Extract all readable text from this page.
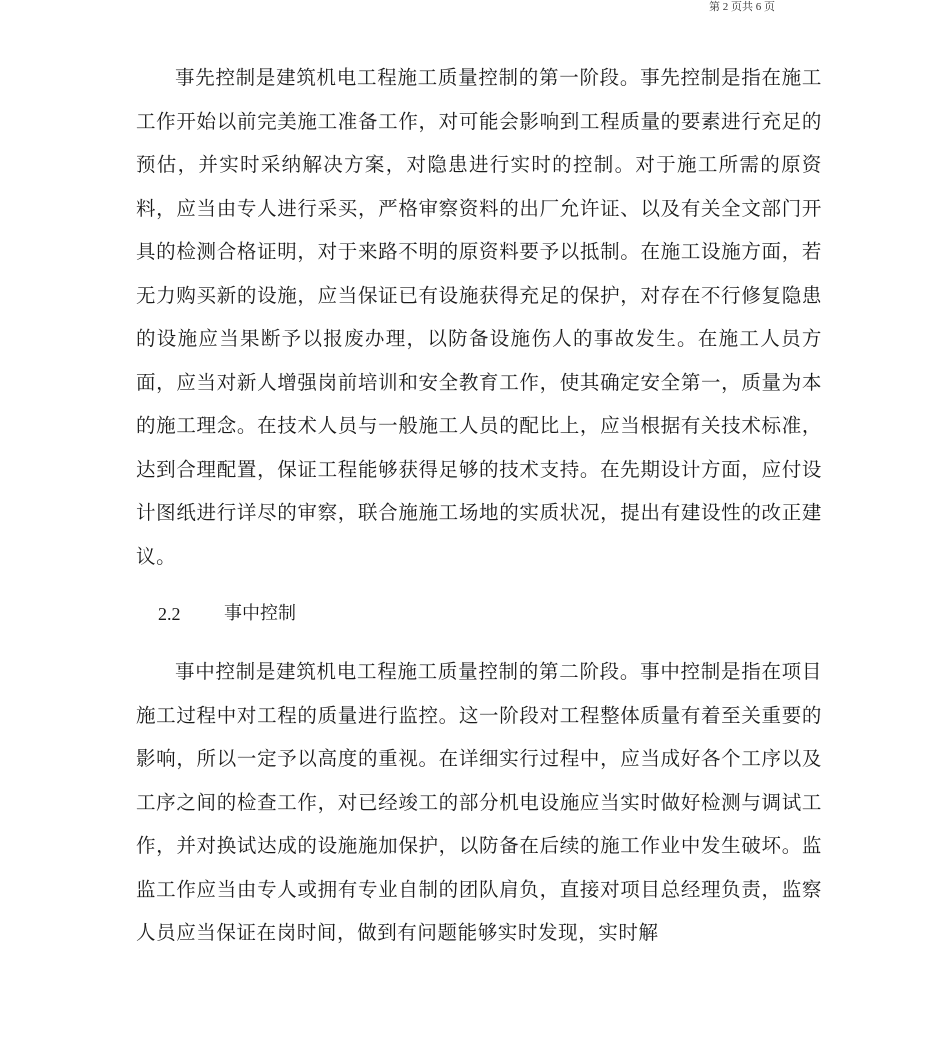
第 2 页共 6 页

事先控制是建筑机电工程施工质量控制的第一阶段。事先控制是指在施工工作开始以前完美施工准备工作，对可能会影响到工程质量的要素进行充足的预估，并实时采纳解决方案，对隐患进行实时的控制。对于施工所需的原资料，应当由专人进行采买，严格审察资料的出厂允许证、以及有关全文部门开具的检测合格证明，对于来路不明的原资料要予以抵制。在施工设施方面，若无力购买新的设施，应当保证已有设施获得充足的保护，对存在不行修复隐患的设施应当果断予以报废办理，以防备设施伤人的事故发生。在施工人员方面，应当对新人增强岗前培训和安全教育工作，使其确定安全第一，质量为本的施工理念。在技术人员与一般施工人员的配比上，应当根据有关技术标准，达到合理配置，保证工程能够获得足够的技术支持。在先期设计方面，应付设计图纸进行详尽的审察，联合施施工场地的实质状况，提出有建设性的改正建议。

2.2	事中控制

事中控制是建筑机电工程施工质量控制的第二阶段。事中控制是指在项目施工过程中对工程的质量进行监控。这一阶段对工程整体质量有着至关重要的影响，所以一定予以高度的重视。在详细实行过程中，应当成好各个工序以及工序之间的检查工作，对已经竣工的部分机电设施应当实时做好检测与调试工作，并对换试达成的设施施加保护，以防备在后续的施工作业中发生破坏。监监工作应当由专人或拥有专业自制的团队肩负，直接对项目总经理负责，监察人员应当保证在岗时间，做到有问题能够实时发现，实时解
